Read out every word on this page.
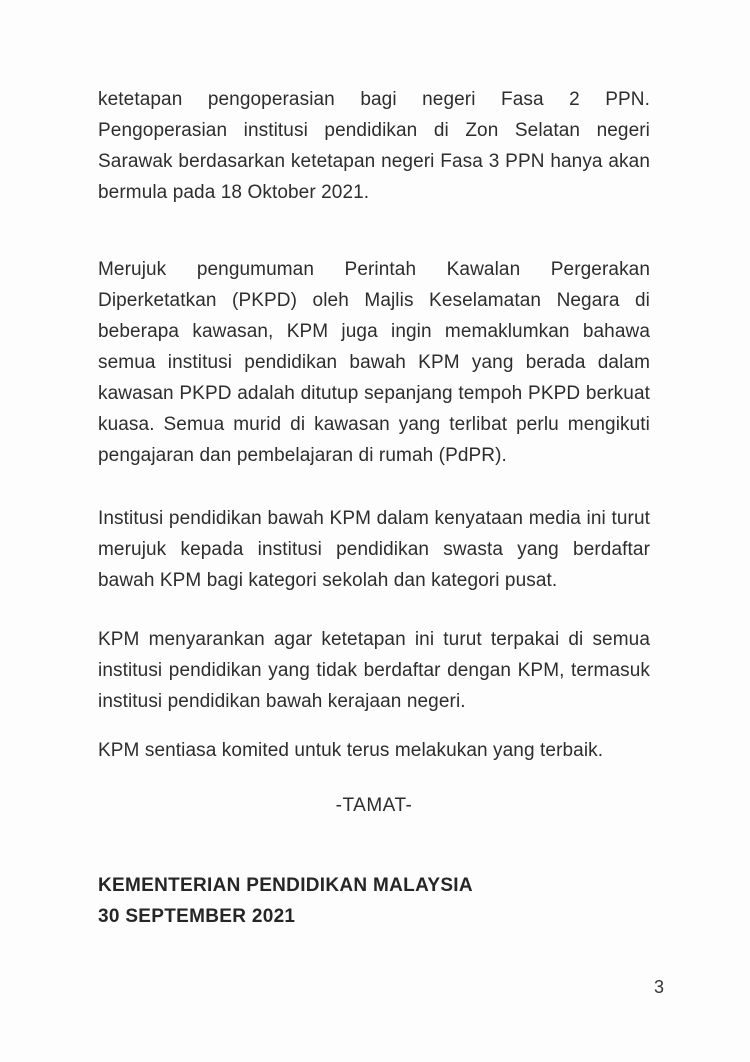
ketetapan pengoperasian bagi negeri Fasa 2 PPN. Pengoperasian institusi pendidikan di Zon Selatan negeri Sarawak berdasarkan ketetapan negeri Fasa 3 PPN hanya akan bermula pada 18 Oktober 2021.

Merujuk pengumuman Perintah Kawalan Pergerakan Diperketatkan (PKPD) oleh Majlis Keselamatan Negara di beberapa kawasan, KPM juga ingin memaklumkan bahawa semua institusi pendidikan bawah KPM yang berada dalam kawasan PKPD adalah ditutup sepanjang tempoh PKPD berkuat kuasa. Semua murid di kawasan yang terlibat perlu mengikuti pengajaran dan pembelajaran di rumah (PdPR).

Institusi pendidikan bawah KPM dalam kenyataan media ini turut merujuk kepada institusi pendidikan swasta yang berdaftar bawah KPM bagi kategori sekolah dan kategori pusat.

KPM menyarankan agar ketetapan ini turut terpakai di semua institusi pendidikan yang tidak berdaftar dengan KPM, termasuk institusi pendidikan bawah kerajaan negeri.

KPM sentiasa komited untuk terus melakukan yang terbaik.

-TAMAT-

KEMENTERIAN PENDIDIKAN MALAYSIA

30 SEPTEMBER 2021

3
